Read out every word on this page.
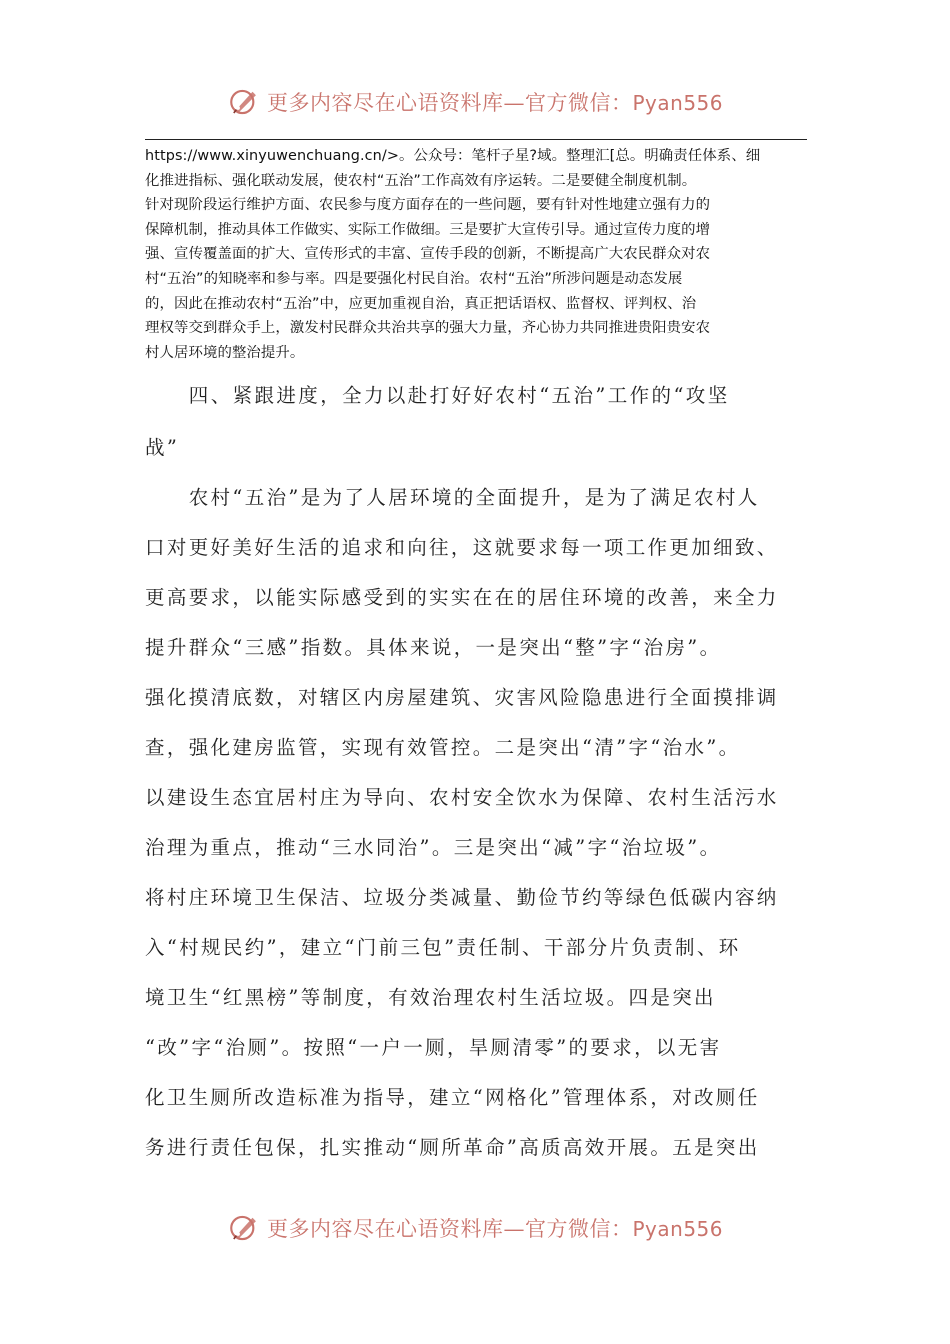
更多内容尽在心语资料库—官方微信：Pyan556
https://www.xinyuwenchuang.cn/>。公众号：笔杆子星?域。整理汇[总。明确责任体系、细
化推进指标、强化联动发展，使农村“五治”工作高效有序运转。二是要健全制度机制。
针对现阶段运行维护方面、农民参与度方面存在的一些问题，要有针对性地建立强有力的
保障机制，推动具体工作做实、实际工作做细。三是要扩大宣传引导。通过宣传力度的增
强、宣传覆盖面的扩大、宣传形式的丰富、宣传手段的创新，不断提高广大农民群众对农
村“五治”的知晓率和参与率。四是要强化村民自治。农村“五治”所涉问题是动态发展
的，因此在推动农村“五治”中，应更加重视自治，真正把话语权、监督权、评判权、治
理权等交到群众手上，激发村民群众共治共享的强大力量，齐心协力共同推进贵阳贵安农
村人居环境的整治提升。
　　四、紧跟进度，全力以赴打好好农村“五治”工作的“攻坚
战”
　　农村“五治”是为了人居环境的全面提升，是为了满足农村人
口对更好美好生活的追求和向往，这就要求每一项工作更加细致、
更高要求，以能实际感受到的实实在在的居住环境的改善，来全力
提升群众“三感”指数。具体来说，一是突出“整”字“治房”。
强化摸清底数，对辖区内房屋建筑、灾害风险隐患进行全面摸排调
查，强化建房监管，实现有效管控。二是突出“清”字“治水”。
以建设生态宜居村庄为导向、农村安全饮水为保障、农村生活污水
治理为重点，推动“三水同治”。三是突出“减”字“治垃圾”。
将村庄环境卫生保洁、垃圾分类减量、勤俭节约等绿色低碳内容纳
入“村规民约”，建立“门前三包”责任制、干部分片负责制、环
境卫生“红黑榜”等制度，有效治理农村生活垃圾。四是突出
“改”字“治厕”。按照“一户一厕，旱厕清零”的要求，以无害
化卫生厕所改造标准为指导，建立“网格化”管理体系，对改厕任
务进行责任包保，扎实推动“厕所革命”高质高效开展。五是突出
更多内容尽在心语资料库—官方微信：Pyan556
